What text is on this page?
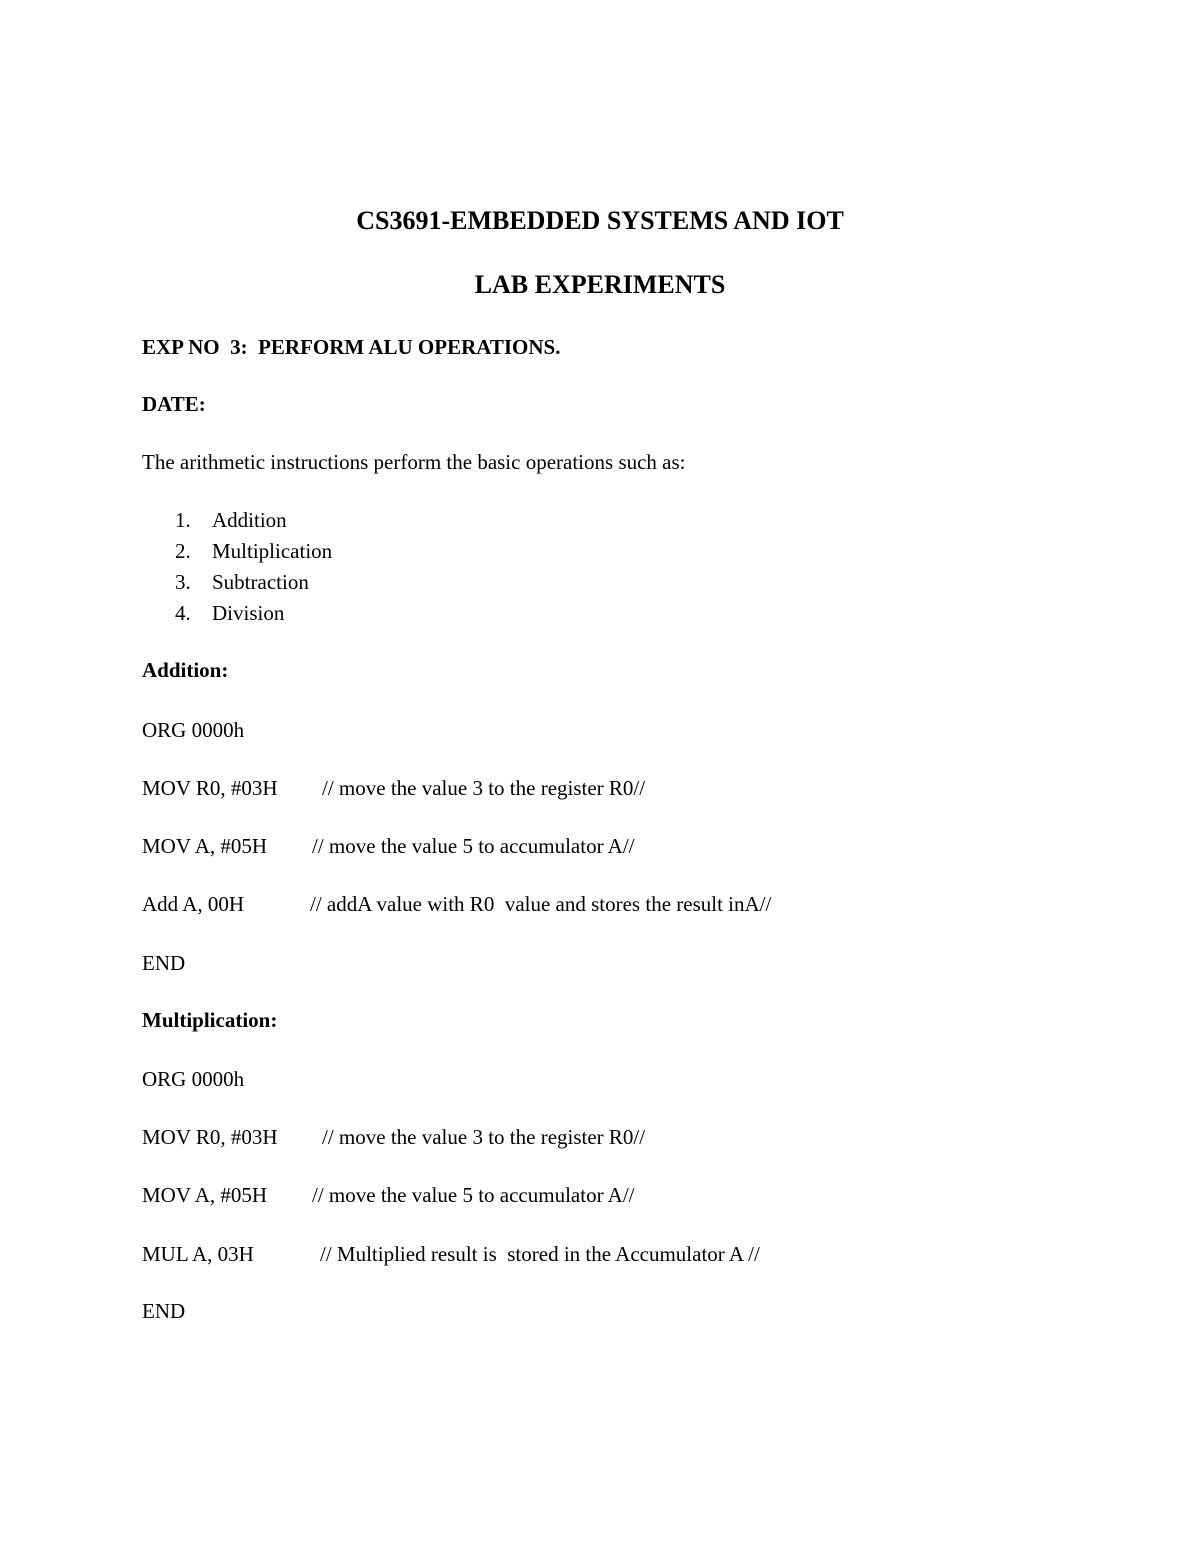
CS3691-EMBEDDED SYSTEMS AND IOT
LAB EXPERIMENTS

EXP NO  3:  PERFORM ALU OPERATIONS.

DATE:

The arithmetic instructions perform the basic operations such as:

1. Addition
2. Multiplication
3. Subtraction
4. Division

Addition:

ORG 0000h

MOV R0, #03H

// move the value 3 to the register R0//

MOV A, #05H

// move the value 5 to accumulator A//

Add A, 00H

	// addA value with R0  value and stores the result inA//

END

Multiplication:

ORG 0000h

MOV R0, #03H

// move the value 3 to the register R0//

MOV A, #05H

// move the value 5 to accumulator A//

MUL A, 03H

	// Multiplied result is  stored in the Accumulator A //

END
